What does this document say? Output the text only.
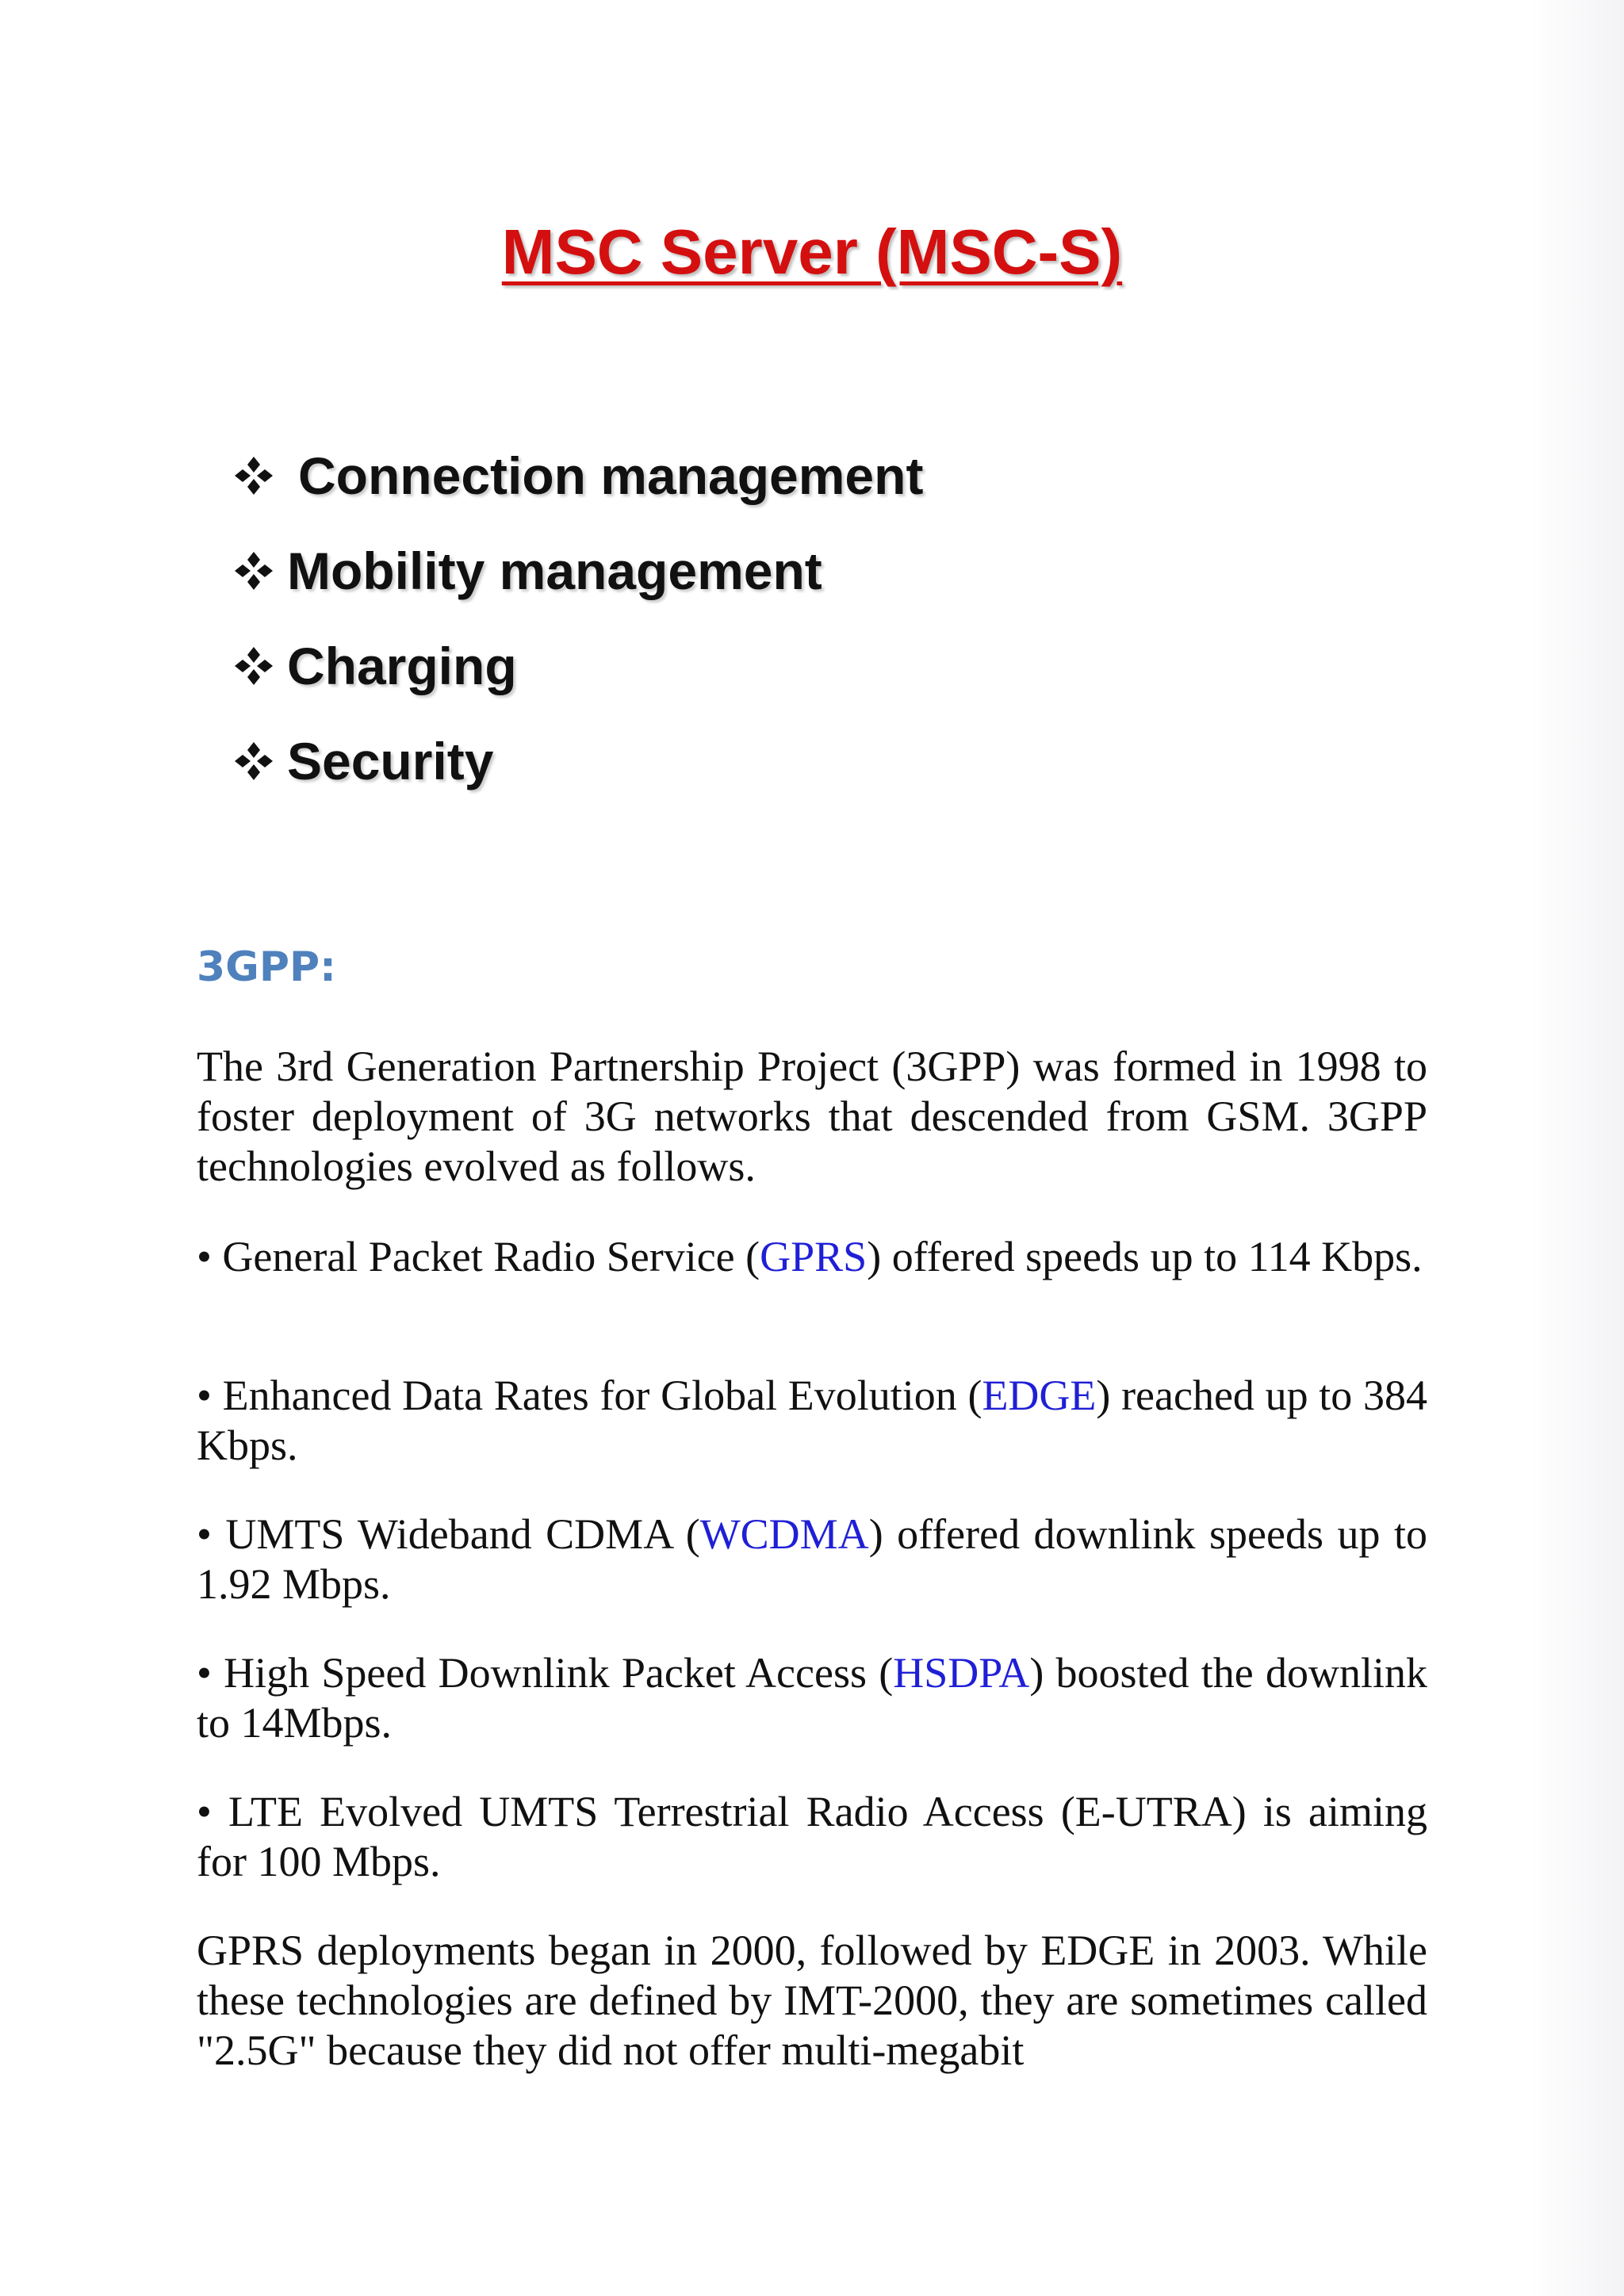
MSC Server (MSC-S)
Connection management
Mobility management
Charging
Security
3GPP:

The 3rd Generation Partnership Project (3GPP) was formed in 1998 to foster deployment of 3G networks that descended from GSM. 3GPP technologies evolved as follows.

• General Packet Radio Service (GPRS) offered speeds up to 114 Kbps.

• Enhanced Data Rates for Global Evolution (EDGE) reached up to 384 Kbps.

• UMTS Wideband CDMA (WCDMA) offered downlink speeds up to 1.92 Mbps.

• High Speed Downlink Packet Access (HSDPA) boosted the downlink to 14Mbps.

• LTE Evolved UMTS Terrestrial Radio Access (E-UTRA) is aiming for 100 Mbps.

GPRS deployments began in 2000, followed by EDGE in 2003. While these technologies are defined by IMT-2000, they are sometimes called "2.5G" because they did not offer multi-megabit
